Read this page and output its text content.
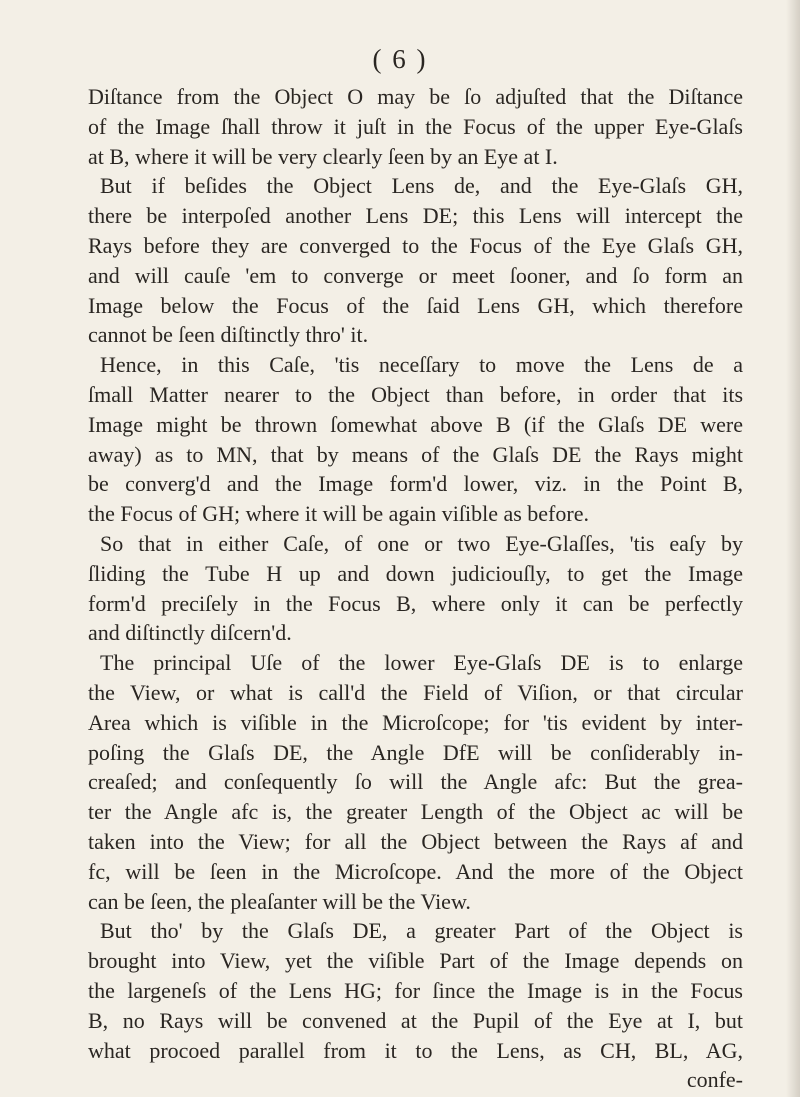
( 6 )
Diſtance from the Object O may be ſo adjuſted that the Diſtance
of the Image ſhall throw it juſt in the Focus of the upper Eye-Glaſs
at B, where it will be very clearly ſeen by an Eye at I.
But if beſides the Object Lens de, and the Eye-Glaſs GH,
there be interpoſed another Lens DE; this Lens will intercept the
Rays before they are converged to the Focus of the Eye Glaſs GH,
and will cauſe 'em to converge or meet ſooner, and ſo form an
Image below the Focus of the ſaid Lens GH, which therefore
cannot be ſeen diſtinctly thro' it.
Hence, in this Caſe, 'tis neceſſary to move the Lens de a
ſmall Matter nearer to the Object than before, in order that its
Image might be thrown ſomewhat above B (if the Glaſs DE were
away) as to MN, that by means of the Glaſs DE the Rays might
be converg'd and the Image form'd lower, viz. in the Point B,
the Focus of GH; where it will be again viſible as before.
So that in either Caſe, of one or two Eye-Glaſſes, 'tis eaſy by
ſliding the Tube H up and down judiciouſly, to get the Image
form'd preciſely in the Focus B, where only it can be perfectly
and diſtinctly diſcern'd.
The principal Uſe of the lower Eye-Glaſs DE is to enlarge
the View, or what is call'd the Field of Viſion, or that circular
Area which is viſible in the Microſcope; for 'tis evident by inter-
poſing the Glaſs DE, the Angle DfE will be conſiderably in-
creaſed; and conſequently ſo will the Angle afc: But the grea-
ter the Angle afc is, the greater Length of the Object ac will be
taken into the View; for all the Object between the Rays af and
fc, will be ſeen in the Microſcope. And the more of the Object
can be ſeen, the pleaſanter will be the View.
But tho' by the Glaſs DE, a greater Part of the Object is
brought into View, yet the viſible Part of the Image depends on
the largeneſs of the Lens HG; for ſince the Image is in the Focus
B, no Rays will be convened at the Pupil of the Eye at I, but
what procoed parallel from it to the Lens, as CH, BL, AG,
confe-
